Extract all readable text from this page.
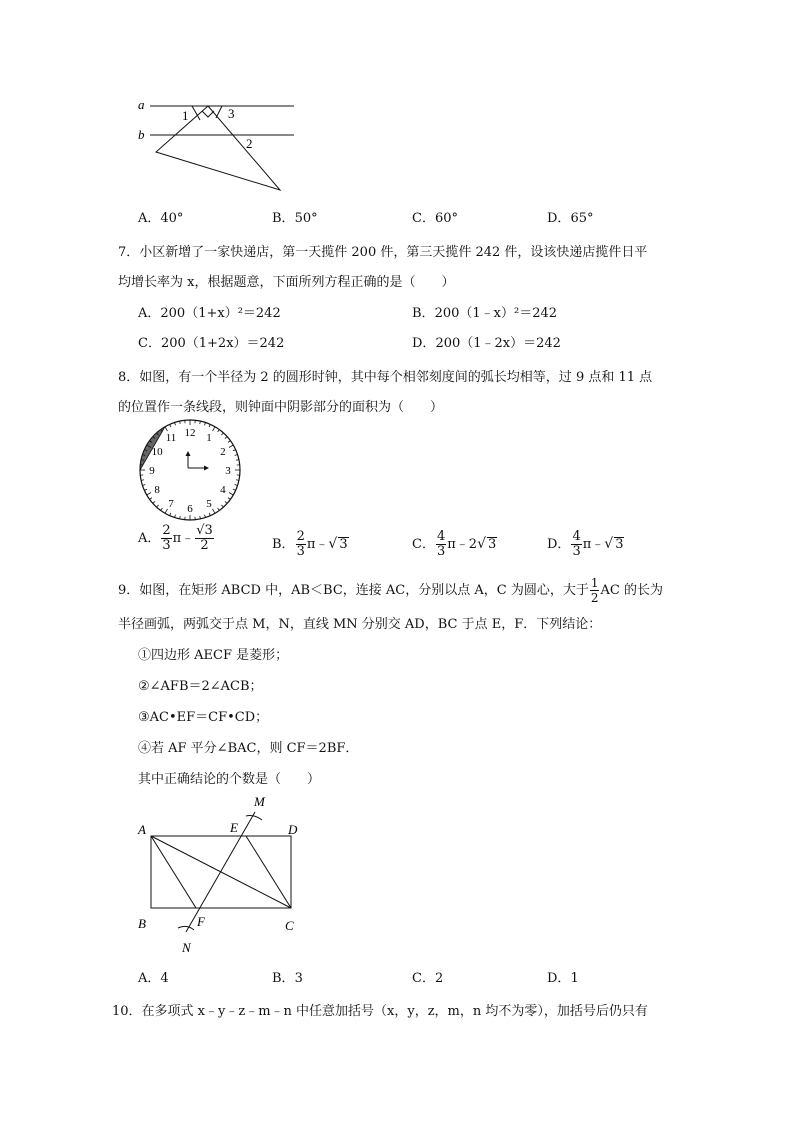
a
b
1	3
2
A．40°	B．50°	C．60°	D．65°
7．小区新增了一家快递店，第一天揽件 200 件，第三天揽件 242 件，设该快递店揽件日平
均增长率为 x，根据题意，下面所列方程正确的是（　　）
A．200（1+x）²＝242	B．200（1﹣x）²＝242
C．200（1+2x）＝242	D．200（1﹣2x）＝242
8．如图，有一个半径为 2 的圆形时钟，其中每个相邻刻度间的弧长均相等，过 9 点和 11 点
的位置作一条线段，则钟面中阴影部分的面积为（　　）
12 1
2
3
4
5
6
7
8
9
10
11
A． $\frac{2}{3}$ π﹣ $\frac{√3}{2}$	B． $\frac{2}{3}$ π﹣√ 3	C． $\frac{4}{3}$ π﹣2√ 3	D． $\frac{4}{3}$ π﹣√ 3
9．如图，在矩形 ABCD 中，AB＜BC，连接 AC，分别以点 A，C 为圆心，大于 $\frac{1}{2}$ AC 的长为
半径画弧，两弧交于点 M，N，直线 MN 分别交 AD，BC 于点 E，F．下列结论：
①四边形 AECF 是菱形；
②∠AFB＝2∠ACB；
③AC•EF＝CF•CD；
④若 AF 平分∠BAC，则 CF＝2BF．
其中正确结论的个数是（　　）
M
A	E	D
B	F	C
N
A．4	B．3	C．2	D．1
10．在多项式 x﹣y﹣z﹣m﹣n 中任意加括号（x，y，z，m，n 均不为零），加括号后仍只有
